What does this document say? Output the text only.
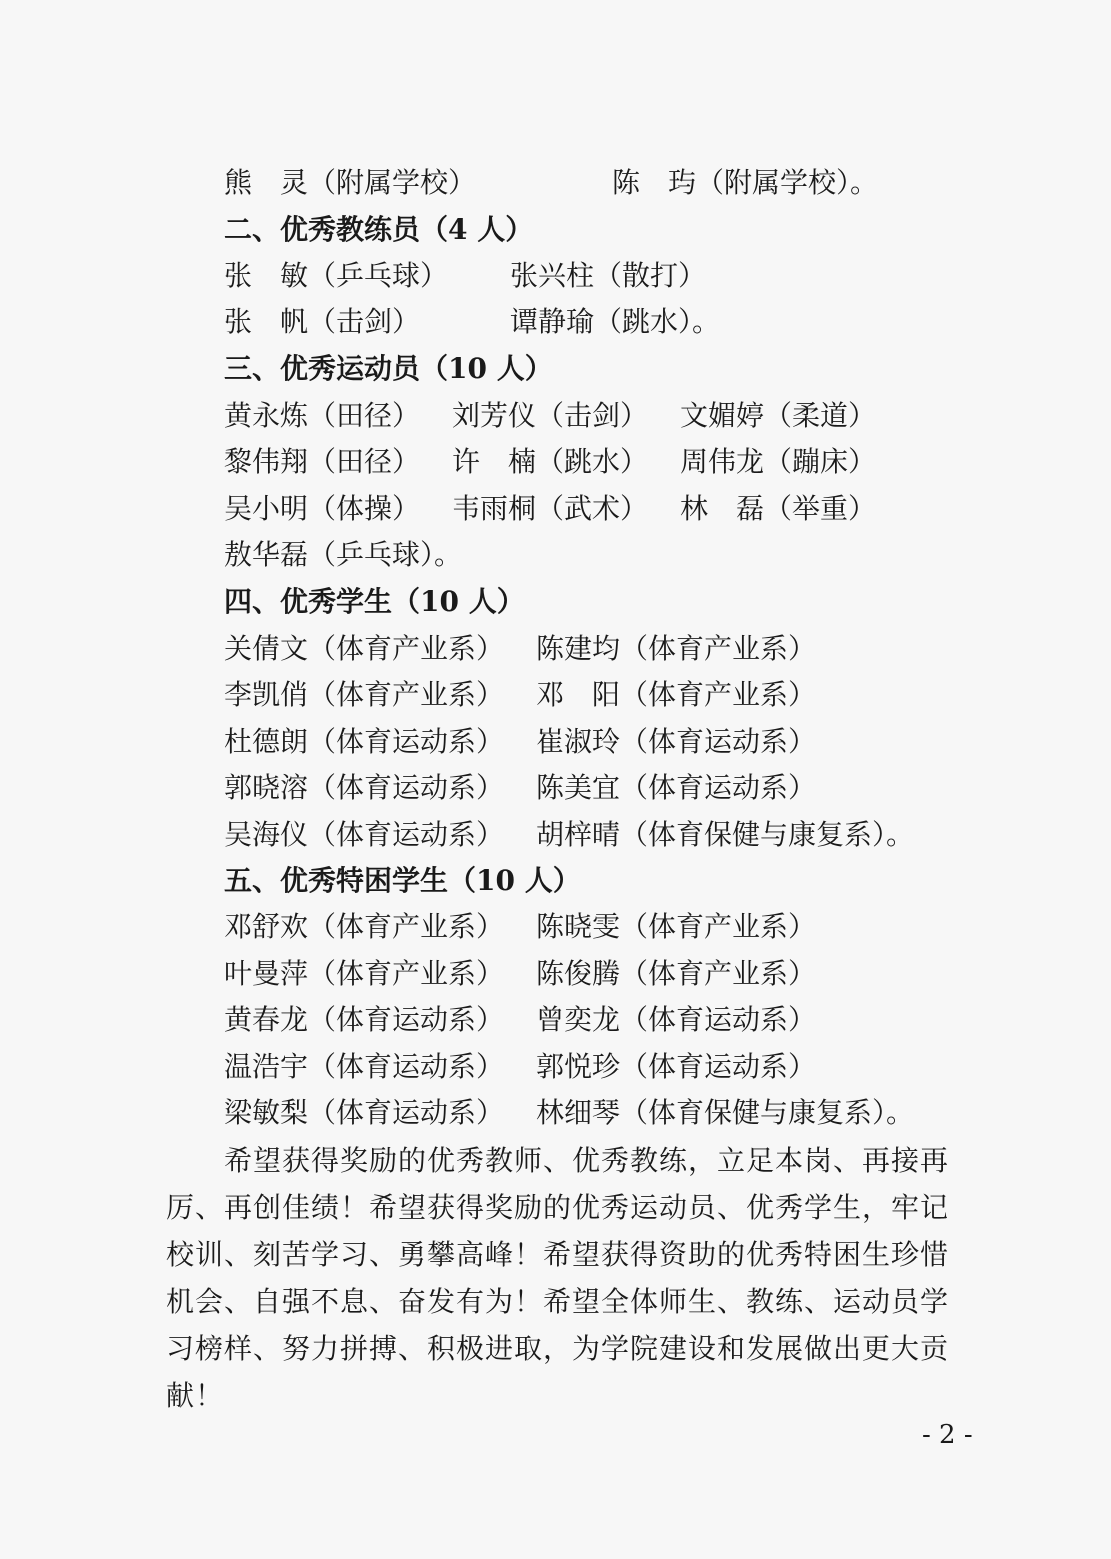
熊　灵（附属学校）	陈　玙（附属学校）。
二、优秀教练员（4 人）
张　敏（乒乓球） 张兴柱（散打）
张　帆（击剑）	谭静瑜（跳水）。
三、优秀运动员（10 人）
黄永炼（田径） 刘芳仪（击剑） 文媚婷（柔道）
黎伟翔（田径） 许　楠（跳水） 周伟龙（蹦床）
吴小明（体操） 韦雨桐（武术） 林　磊（举重）
敖华磊（乒乓球）。
四、优秀学生（10 人）
关倩文（体育产业系） 陈建均（体育产业系）
李凯俏（体育产业系） 邓　阳（体育产业系）
杜德朗（体育运动系） 崔淑玲（体育运动系）
郭晓溶（体育运动系） 陈美宜（体育运动系）
吴海仪（体育运动系） 胡梓晴（体育保健与康复系）。
五、优秀特困学生（10 人）
邓舒欢（体育产业系） 陈晓雯（体育产业系）
叶曼萍（体育产业系） 陈俊腾（体育产业系）
黄春龙（体育运动系） 曾奕龙（体育运动系）
温浩宇（体育运动系） 郭悦珍（体育运动系）
梁敏梨（体育运动系） 林细琴（体育保健与康复系）。
希望获得奖励的优秀教师、优秀教练，立足本岗、再接再厉、再创佳绩！希望获得奖励的优秀运动员、优秀学生，牢记校训、刻苦学习、勇攀高峰！希望获得资助的优秀特困生珍惜机会、自强不息、奋发有为！希望全体师生、教练、运动员学习榜样、努力拼搏、积极进取，为学院建设和发展做出更大贡献！
- 2 -
